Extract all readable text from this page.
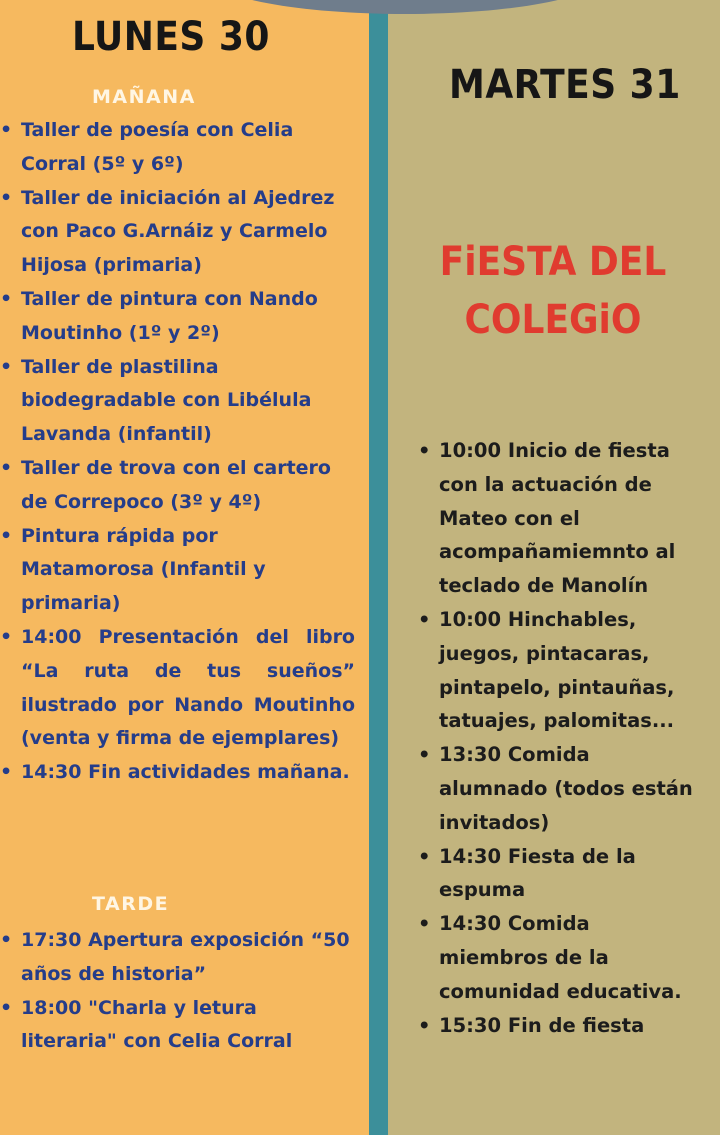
LUNES 30
MAÑANA
• Taller de poesía con Celia Corral (5º y 6º)
• Taller de iniciación al Ajedrez con Paco G.Arnáiz y Carmelo Hijosa (primaria)
• Taller de pintura con Nando Moutinho (1º y 2º)
• Taller de plastilina biodegradable con Libélula Lavanda (infantil)
• Taller de trova con el cartero de Correpoco (3º y 4º)
• Pintura rápida por Matamorosa (Infantil y primaria)
• 14:00 Presentación del libro “La ruta de tus sueños” ilustrado por Nando Moutinho (venta y firma de ejemplares)
• 14:30 Fin actividades mañana.
TARDE
• 17:30 Apertura exposición “50 años de historia”
• 18:00 "Charla y letura literaria" con Celia Corral
MARTES 31
FiESTA DEL COLEGiO
• 10:00 Inicio de fiesta con la actuación de Mateo con el acompañamiemnto al teclado de Manolín
• 10:00 Hinchables, juegos, pintacaras, pintapelo, pintauñas, tatuajes, palomitas...
• 13:30 Comida alumnado (todos están invitados)
• 14:30 Fiesta de la espuma
• 14:30 Comida miembros de la comunidad educativa.
• 15:30 Fin de fiesta
